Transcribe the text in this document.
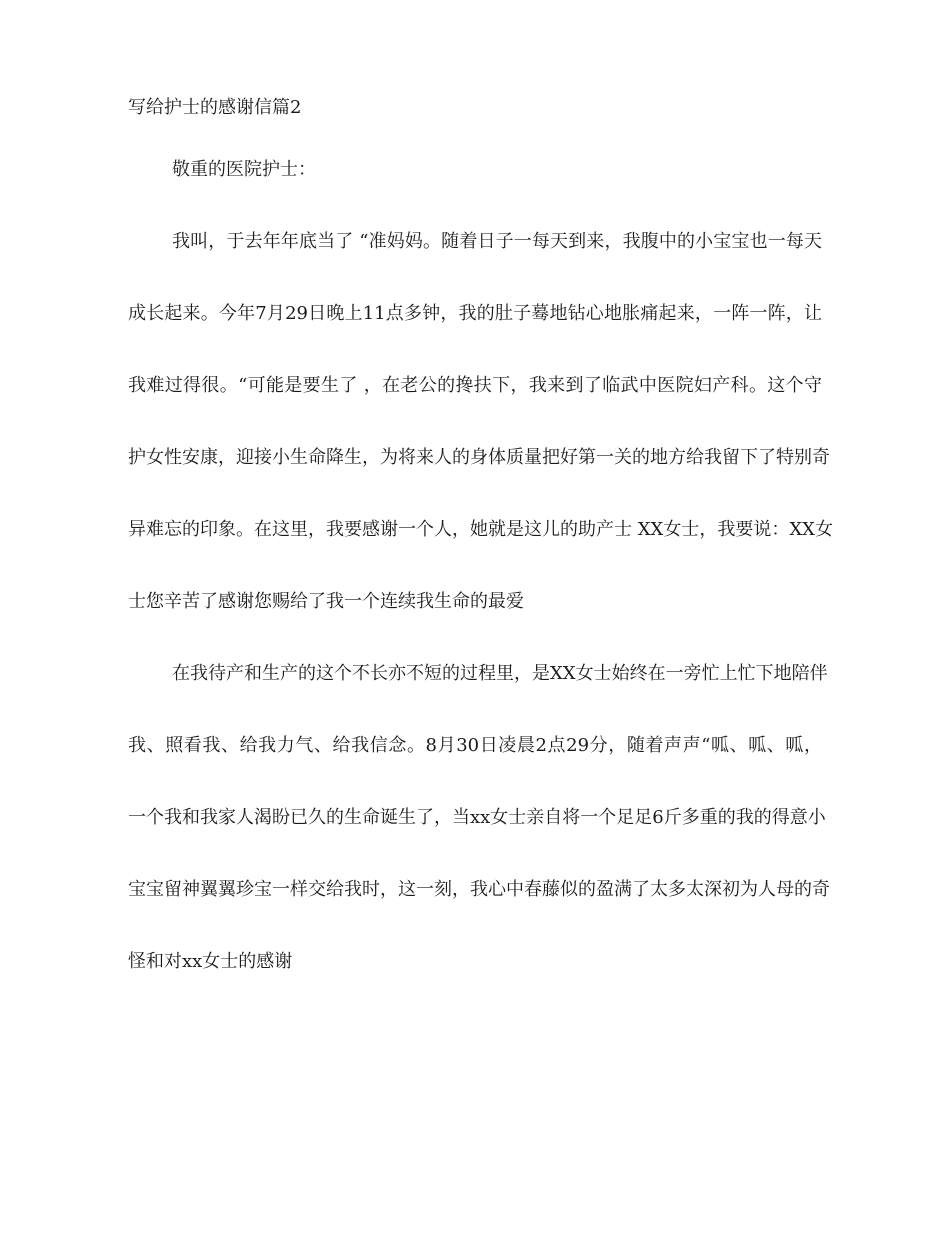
写给护士的感谢信篇2
敬重的医院护士：
我叫，于去年年底当了 “准妈妈。随着日子一每天到来，我腹中的小宝宝也一每天
成长起来。今年7月29日晚上11点多钟，我的肚子蓦地钻心地胀痛起来，一阵一阵，让
我难过得很。“可能是要生了 ，在老公的搀扶下，我来到了临武中医院妇产科。这个守
护女性安康，迎接小生命降生，为将来人的身体质量把好第一关的地方给我留下了特别奇
异难忘的印象。在这里，我要感谢一个人，她就是这儿的助产士 XX女士，我要说：XX女
士您辛苦了感谢您赐给了我一个连续我生命的最爱
在我待产和生产的这个不长亦不短的过程里，是XX女士始终在一旁忙上忙下地陪伴
我、照看我、给我力气、给我信念。8月30日凌晨2点29分，随着声声“呱、呱、呱，
一个我和我家人渴盼已久的生命诞生了，当xx女士亲自将一个足足6斤多重的我的得意小
宝宝留神翼翼珍宝一样交给我时，这一刻，我心中春藤似的盈满了太多太深初为人母的奇
怪和对xx女士的感谢
